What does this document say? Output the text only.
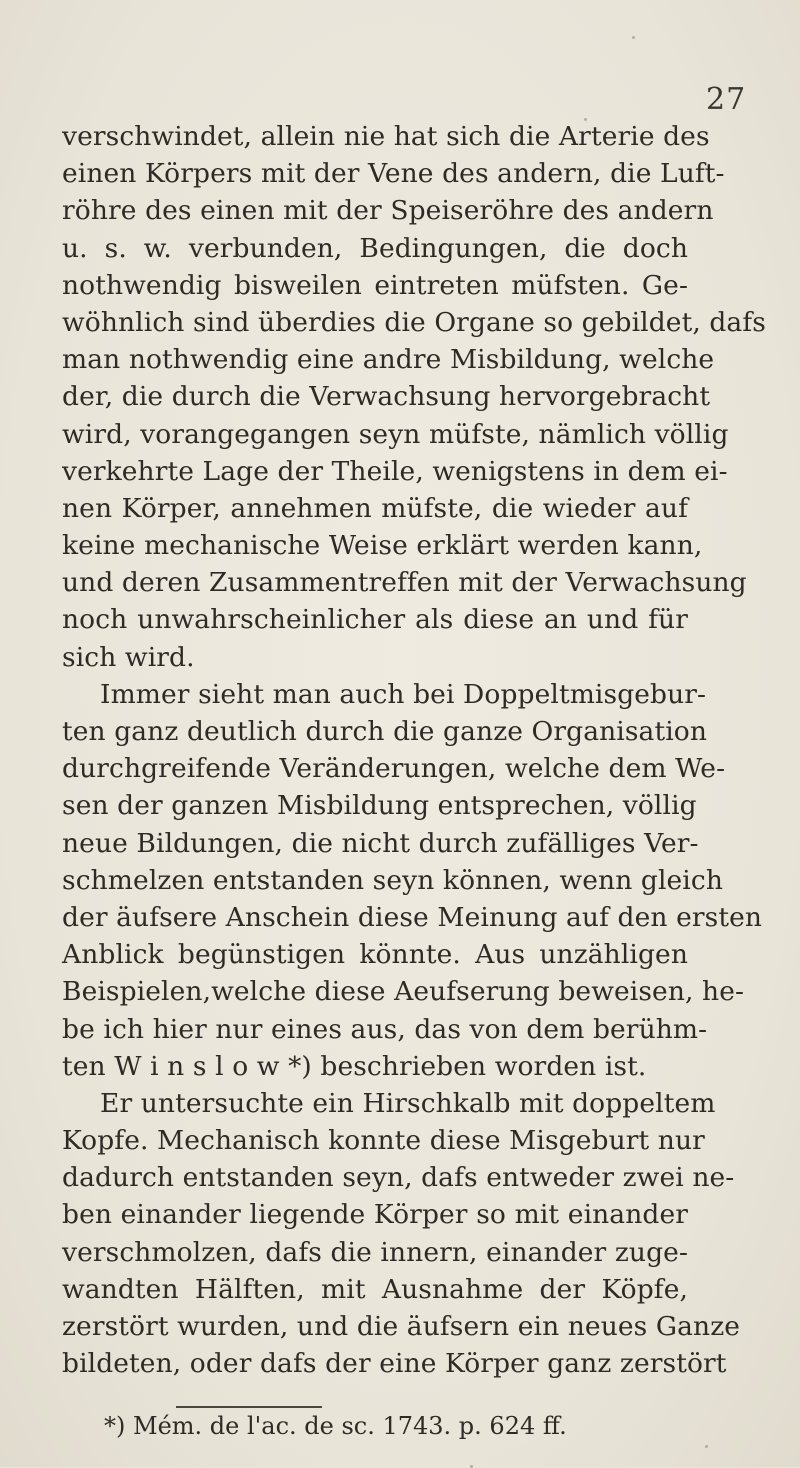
27
verschwindet, allein nie hat sich die Arterie des
einen Körpers mit der Vene des andern, die Luft-
röhre des einen mit der Speiseröhre des andern
u. s. w. verbunden, Bedingungen, die doch
nothwendig bisweilen eintreten müfsten. Ge-
wöhnlich sind überdies die Organe so gebildet, dafs
man nothwendig eine andre Misbildung, welche
der, die durch die Verwachsung hervorgebracht
wird, vorangegangen seyn müfste, nämlich völlig
verkehrte Lage der Theile, wenigstens in dem ei-
nen Körper, annehmen müfste, die wieder auf
keine mechanische Weise erklärt werden kann,
und deren Zusammentreffen mit der Verwachsung
noch unwahrscheinlicher als diese an und für
sich wird.
Immer sieht man auch bei Doppeltmisgebur-
ten ganz deutlich durch die ganze Organisation
durchgreifende Veränderungen, welche dem We-
sen der ganzen Misbildung entsprechen, völlig
neue Bildungen, die nicht durch zufälliges Ver-
schmelzen entstanden seyn können, wenn gleich
der äufsere Anschein diese Meinung auf den ersten
Anblick begünstigen könnte. Aus unzähligen
Beispielen,welche diese Aeufserung beweisen, he-
be ich hier nur eines aus, das von dem berühm-
ten W i n s l o w *) beschrieben worden ist.
Er untersuchte ein Hirschkalb mit doppeltem
Kopfe. Mechanisch konnte diese Misgeburt nur
dadurch entstanden seyn, dafs entweder zwei ne-
ben einander liegende Körper so mit einander
verschmolzen, dafs die innern, einander zuge-
wandten Hälften, mit Ausnahme der Köpfe,
zerstört wurden, und die äufsern ein neues Ganze
bildeten, oder dafs der eine Körper ganz zerstört
*) Mém. de l'ac. de sc. 1743. p. 624 ff.
